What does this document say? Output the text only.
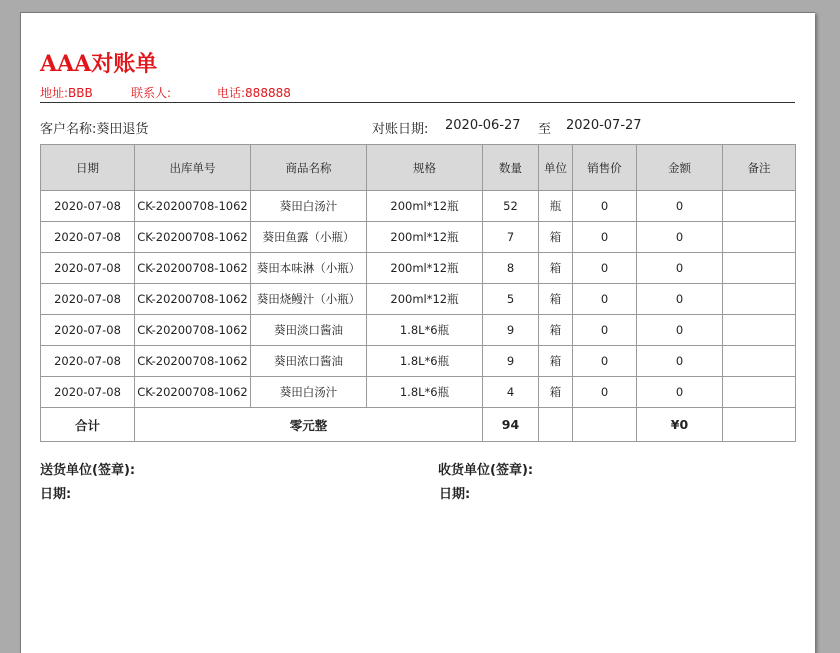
AAA对账单
地址:BBB	联系人:	电话:888888
客户名称:葵田退货	对账日期: 2020-06-27 至 2020-07-27
日期	出库单号	商品名称	规格	数量	单位	销售价	金额	备注
2020-07-08	CK-20200708-1062	葵田白汤汁	200ml*12瓶	52	瓶	0	0	
2020-07-08	CK-20200708-1062	葵田鱼露（小瓶）	200ml*12瓶	7	箱	0	0	
2020-07-08	CK-20200708-1062	葵田本味淋（小瓶）	200ml*12瓶	8	箱	0	0	
2020-07-08	CK-20200708-1062	葵田烧鳗汁（小瓶）	200ml*12瓶	5	箱	0	0	
2020-07-08	CK-20200708-1062	葵田淡口酱油	1.8L*6瓶	9	箱	0	0	
2020-07-08	CK-20200708-1062	葵田浓口酱油	1.8L*6瓶	9	箱	0	0	
2020-07-08	CK-20200708-1062	葵田白汤汁	1.8L*6瓶	4	箱	0	0	
合计	零元整			94			¥0	
送货单位(签章):
日期:
收货单位(签章):
日期:
